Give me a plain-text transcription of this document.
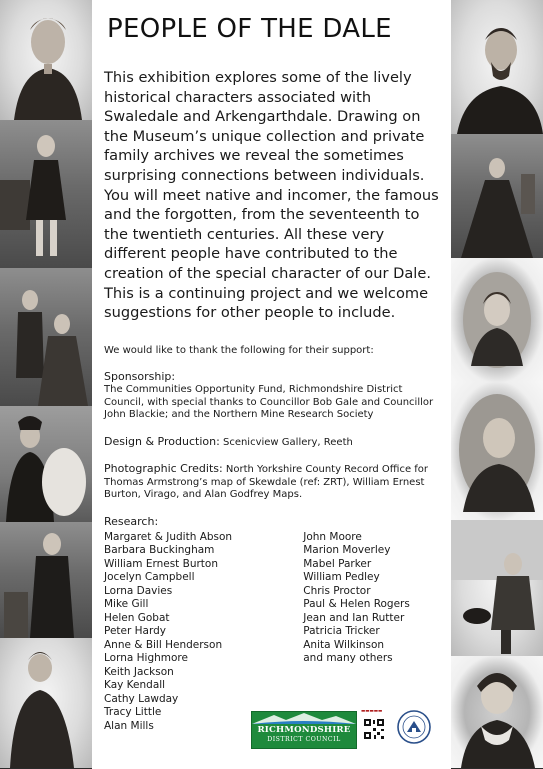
PEOPLE OF THE DALE

This exhibition explores some of the lively historical characters associated with Swaledale and Arkengarthdale. Drawing on the Museum’s unique collection and private family archives we reveal the sometimes surprising connections between individuals. You will meet native and incomer, the famous and the forgotten, from the seventeenth to the twentieth centuries. All these very different people have contributed to the creation of the special character of our Dale. This is a continuing project and we welcome suggestions for other people to include.

We would like to thank the following for their support:
Sponsorship:
The Communities Opportunity Fund, Richmondshire District Council, with special thanks to Councillor Bob Gale and Councillor John Blackie; and the Northern Mine Research Society
Design & Production: Scenicview Gallery, Reeth
Photographic Credits: North Yorkshire County Record Office for Thomas Armstrong’s map of Skewdale (ref: ZRT), William Ernest Burton, Virago, and Alan Godfrey Maps.
Research:
Margaret & Judith Abson
Barbara Buckingham
William Ernest Burton
Jocelyn Campbell
Lorna Davies
Mike Gill
Helen Gobat
Peter Hardy
Anne & Bill Henderson
Lorna Highmore
Keith Jackson
Kay Kendall
Cathy Lawday
Tracy Little
Alan Mills
John Moore
Marion Moverley
Mabel Parker
William Pedley
Chris Proctor
Paul & Helen Rogers
Jean and Ian Rutter
Patricia Tricker
Anita Wilkinson
and many others
RICHMONDSHIRE
DISTRICT COUNCIL
▬▬▬▬▬
